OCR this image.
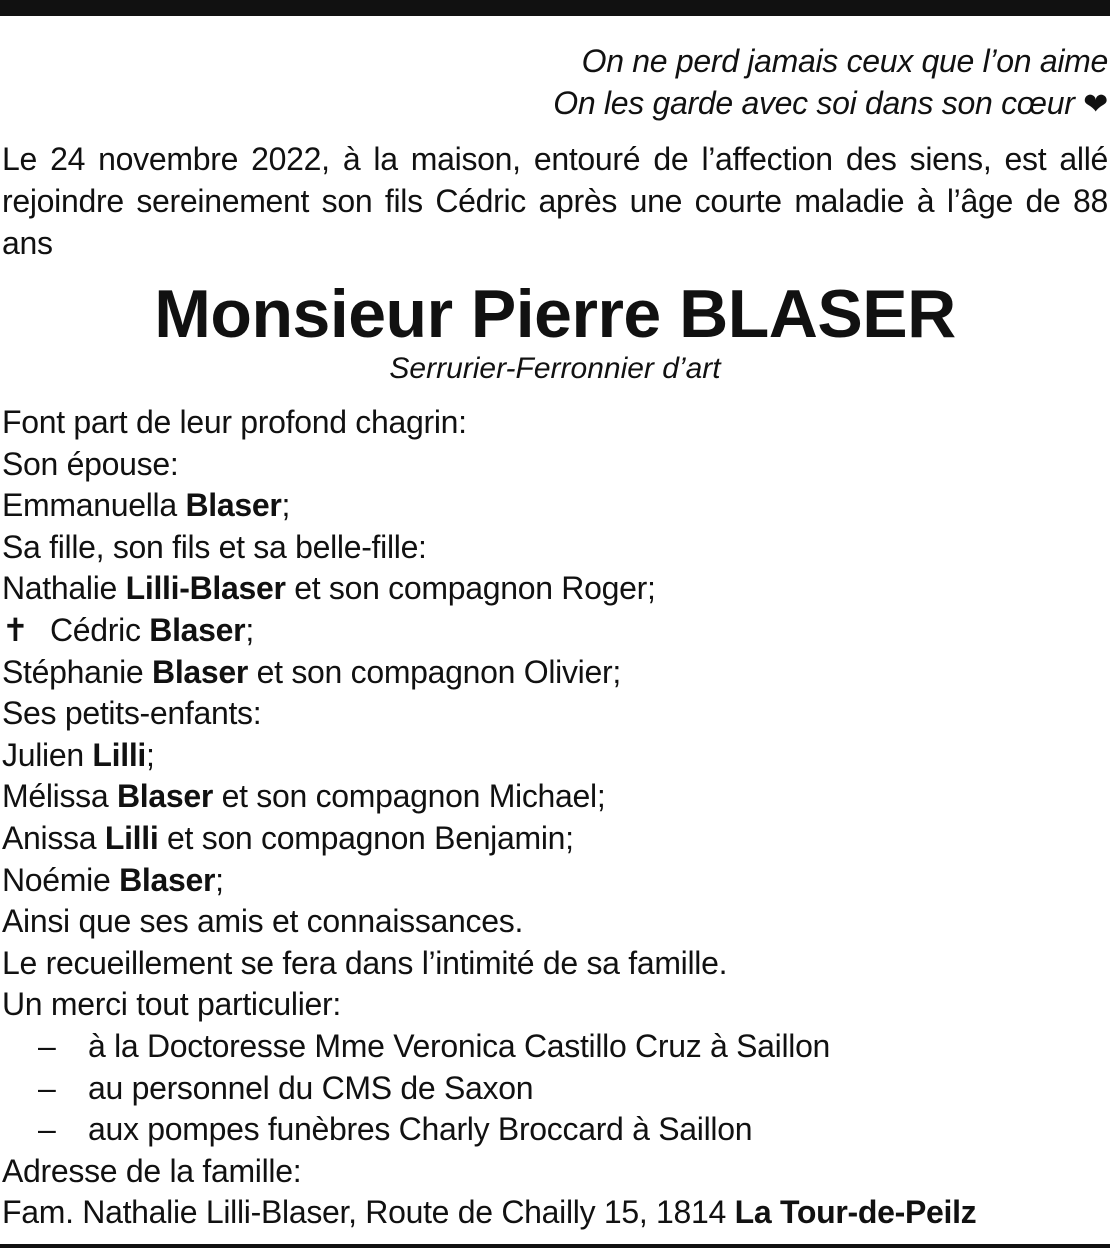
On ne perd jamais ceux que l’on aime
On les garde avec soi dans son cœur ❤
Le 24 novembre 2022, à la maison, entouré de l’affection des siens, est allé rejoindre sereinement son fils Cédric après une courte maladie à l’âge de 88 ans
Monsieur Pierre BLASER
Serrurier-Ferronnier d’art
Font part de leur profond chagrin:
Son épouse:
Emmanuella Blaser;
Sa fille, son fils et sa belle-fille:
Nathalie Lilli-Blaser et son compagnon Roger;
✝ Cédric Blaser;
Stéphanie Blaser et son compagnon Olivier;
Ses petits-enfants:
Julien Lilli;
Mélissa Blaser et son compagnon Michael;
Anissa Lilli et son compagnon Benjamin;
Noémie Blaser;
Ainsi que ses amis et connaissances.
Le recueillement se fera dans l’intimité de sa famille.
Un merci tout particulier:
– à la Doctoresse Mme Veronica Castillo Cruz à Saillon
– au personnel du CMS de Saxon
– aux pompes funèbres Charly Broccard à Saillon
Adresse de la famille:
Fam. Nathalie Lilli-Blaser, Route de Chailly 15, 1814 La Tour-de-Peilz
